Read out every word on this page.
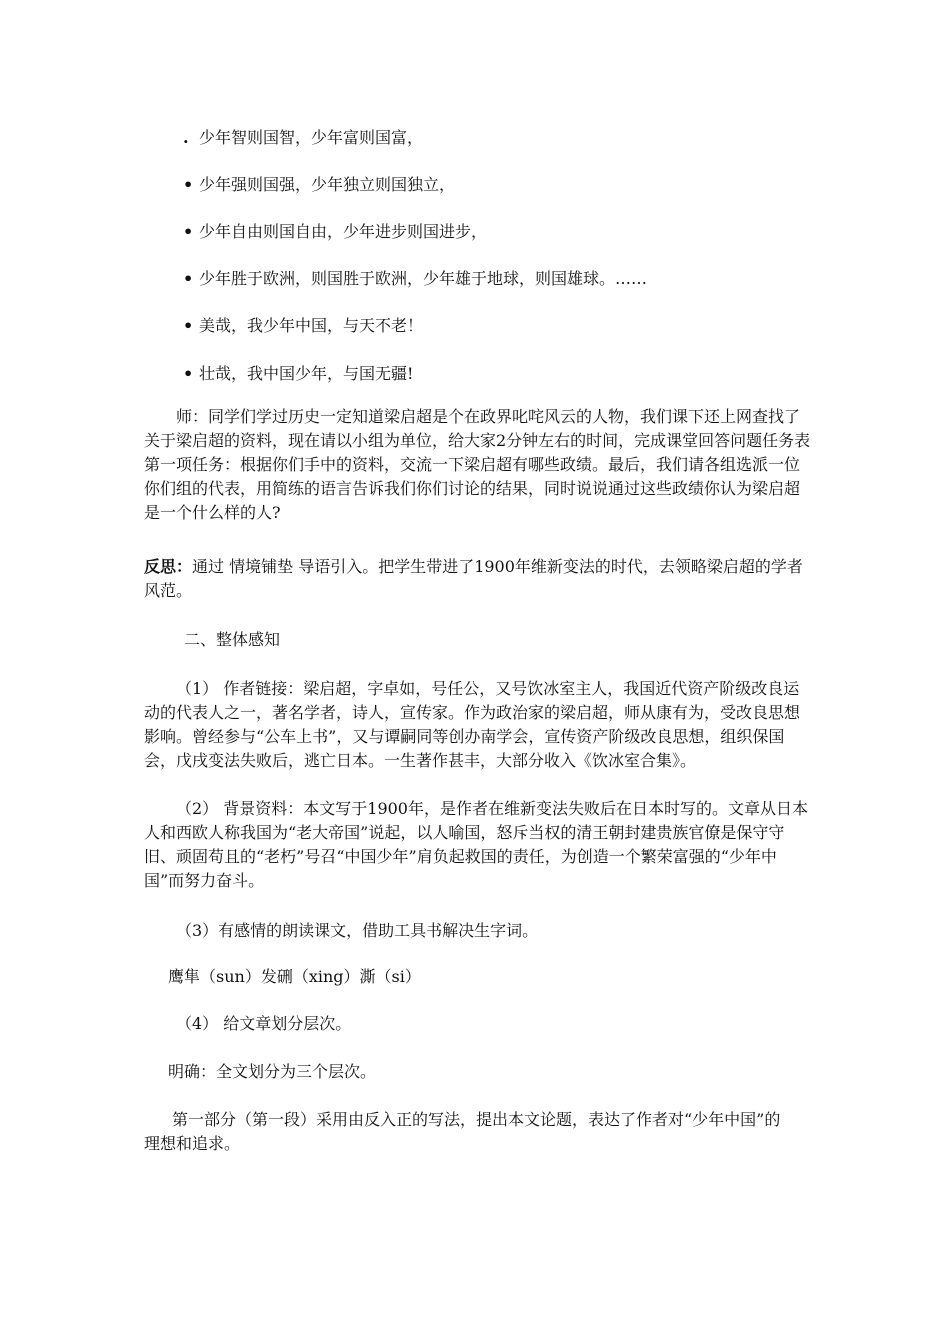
. 少年智则国智，少年富则国富，
• 少年强则国强，少年独立则国独立，
• 少年自由则国自由，少年进步则国进步，
• 少年胜于欧洲，则国胜于欧洲，少年雄于地球，则国雄球。……
• 美哉，我少年中国，与天不老！
• 壮哉，我中国少年，与国无疆!

师：同学们学过历史一定知道梁启超是个在政界叱咤风云的人物，我们课下还上网查找了关于梁启超的资料，现在请以小组为单位，给大家2分钟左右的时间，完成课堂回答问题任务表第一项任务：根据你们手中的资料，交流一下梁启超有哪些政绩。最后，我们请各组选派一位你们组的代表，用简练的语言告诉我们你们讨论的结果，同时说说通过这些政绩你认为梁启超是一个什么样的人?

反思：通过 情境铺垫 导语引入。把学生带进了1900年维新变法的时代，去领略梁启超的学者风范。

二、整体感知

（1） 作者链接：梁启超，字卓如，号任公，又号饮冰室主人，我国近代资产阶级改良运动的代表人之一，著名学者，诗人，宣传家。作为政治家的梁启超，师从康有为，受改良思想影响。曾经参与“公车上书”，又与谭嗣同等创办南学会，宣传资产阶级改良思想，组织保国会，戊戌变法失败后，逃亡日本。一生著作甚丰，大部分收入《饮冰室合集》。

（2） 背景资料：本文写于1900年，是作者在维新变法失败后在日本时写的。文章从日本人和西欧人称我国为“老大帝国”说起，以人喻国，怒斥当权的清王朝封建贵族官僚是保守守旧、顽固苟且的“老朽”号召“中国少年”肩负起救国的责任，为创造一个繁荣富强的“少年中国”而努力奋斗。

（3）有感情的朗读课文，借助工具书解决生字词。
鹰隼（sun）发硎（xing）澌（si）
（4） 给文章划分层次。
明确：全文划分为三个层次。

第一部分（第一段）采用由反入正的写法，提出本文论题，表达了作者对“少年中国”的理想和追求。
